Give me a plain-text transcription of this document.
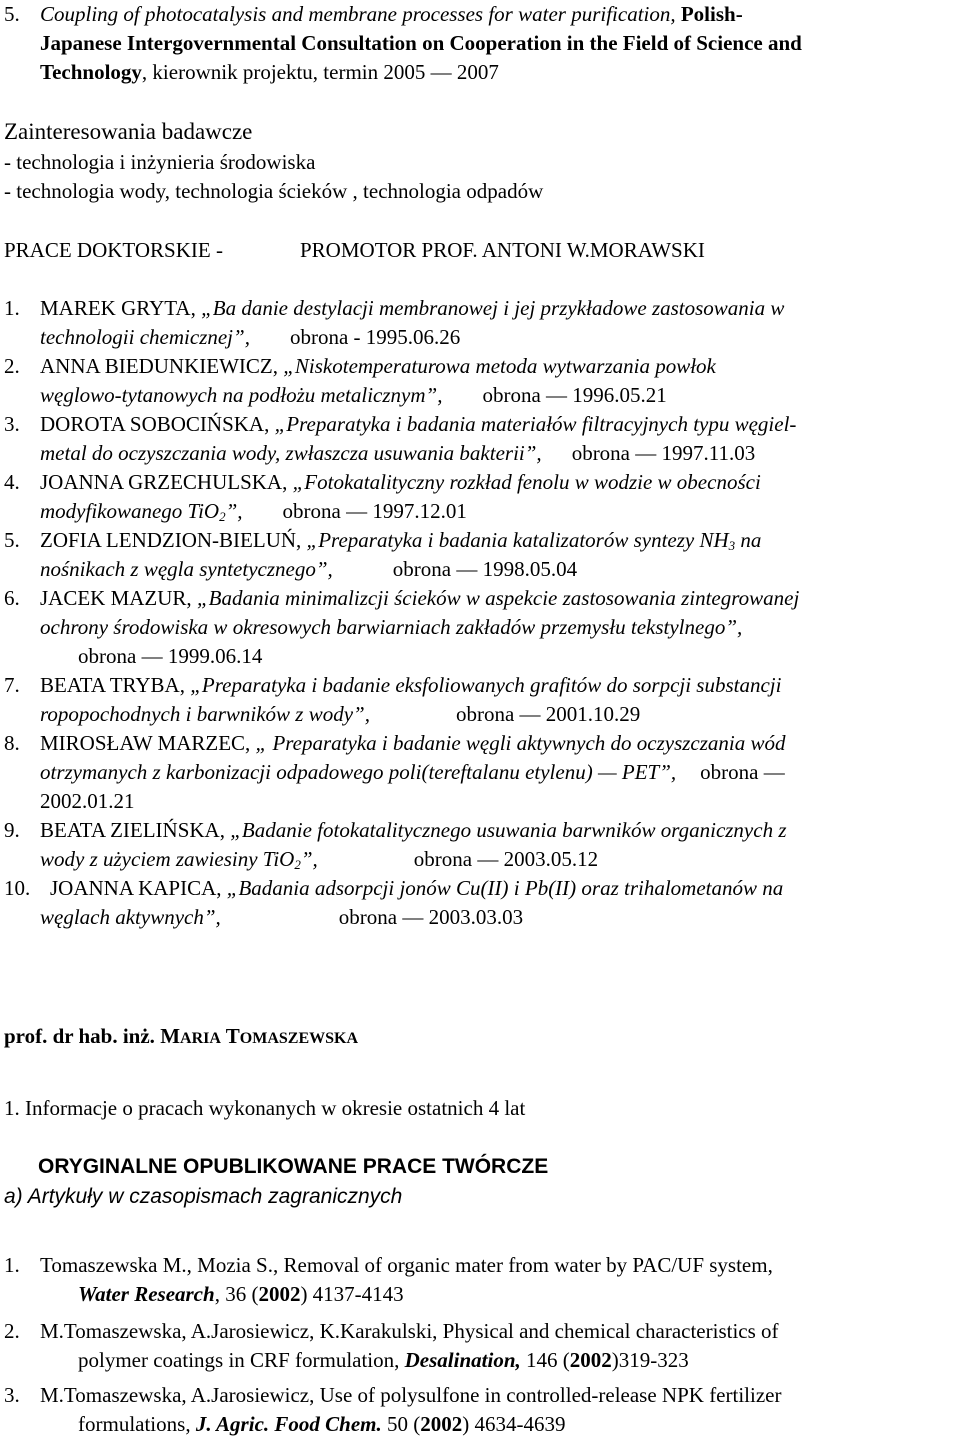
5. Coupling of photocatalysis and membrane processes for water purification, Polish-
Japanese Intergovernmental Consultation on Cooperation in the Field of Science and
Technology, kierownik projektu, termin 2005 — 2007
Zainteresowania badawcze
- technologia i inżynieria środowiska
- technologia wody, technologia ścieków , technologia odpadów
PRACE DOKTORSKIE -	PROMOTOR PROF. ANTONI W.MORAWSKI
1. MAREK GRYTA, „Ba danie destylacji membranowej i jej przykładowe zastosowania w
technologii chemicznej”, obrona - 1995.06.26
2. ANNA BIEDUNKIEWICZ, „Niskotemperaturowa metoda wytwarzania powłok
węglowo-tytanowych na podłożu metalicznym”, obrona — 1996.05.21
3. DOROTA SOBOCIŃSKA, „Preparatyka i badania materiałów filtracyjnych typu węgiel-
metal do oczyszczania wody, zwłaszcza usuwania bakterii”, obrona — 1997.11.03
4. JOANNA GRZECHULSKA, „Fotokatalityczny rozkład fenolu w wodzie w obecności
modyfikowanego TiO$_2$”, obrona — 1997.12.01
5. ZOFIA LENDZION-BIELUŃ, „Preparatyka i badania katalizatorów syntezy $NH_3$ na
nośnikach z węgla syntetycznego”,	obrona — 1998.05.04
6. JACEK MAZUR, „Badania minimalizcji ścieków w aspekcie zastosowania zintegrowanej
ochrony środowiska w okresowych barwiarniach zakładów przemysłu tekstylnego”,
obrona — 1999.06.14
7. BEATA TRYBA, „Preparatyka i badanie eksfoliowanych grafitów do sorpcji substancji
ropopochodnych i barwników z wody”,	obrona — 2001.10.29
8. MIROSŁAW MARZEC, „ Preparatyka i badanie węgli aktywnych do oczyszczania wód
otrzymanych z karbonizacji odpadowego poli(tereftalanu etylenu) — PET”, obrona —
2002.01.21
9. BEATA ZIELIŃSKA, „Badanie fotokatalitycznego usuwania barwników organicznych z
wody z użyciem zawiesiny TiO$_2$”,	obrona — 2003.05.12
10. JOANNA KAPICA, „Badania adsorpcji jonów Cu(II) i Pb(II) oraz trihalometanów na
węglach aktywnych”,	obrona — 2003.03.03
prof. dr hab. inż. MARIA TOMASZEWSKA
1. Informacje o pracach wykonanych w okresie ostatnich 4 lat
ORYGINALNE OPUBLIKOWANE PRACE TWÓRCZE
a) Artykuły w czasopismach zagranicznych
1. Tomaszewska M., Mozia S., Removal of organic mater from water by PAC/UF system,
Water Research, 36 (2002) 4137-4143
2. M.Tomaszewska, A.Jarosiewicz, K.Karakulski, Physical and chemical characteristics of
polymer coatings in CRF formulation, Desalination, 146 (2002)319-323
3. M.Tomaszewska, A.Jarosiewicz, Use of polysulfone in controlled-release NPK fertilizer
formulations, J. Agric. Food Chem. 50 (2002) 4634-4639
